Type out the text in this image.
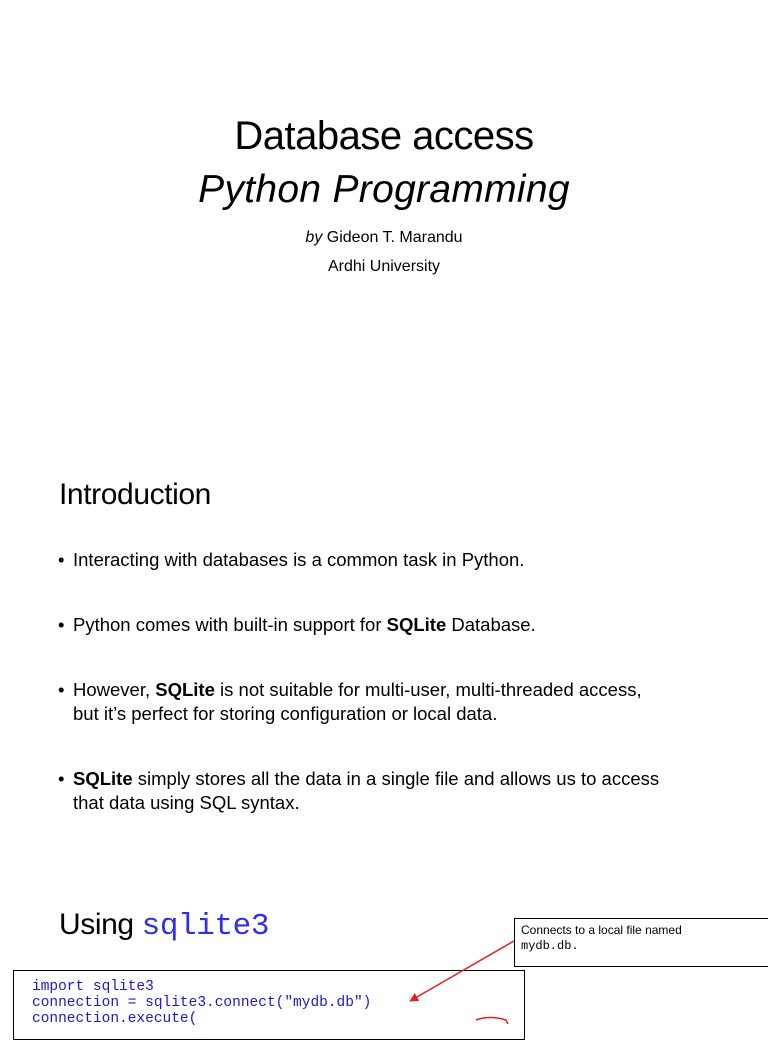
Database access
Python Programming
by Gideon T. Marandu
Ardhi University
Introduction
• Interacting with databases is a common task in Python.
• Python comes with built-in support for SQLite Database.
• However, SQLite is not suitable for multi-user, multi-threaded access,
but it’s perfect for storing configuration or local data.
• SQLite simply stores all the data in a single file and allows us to access
that data using SQL syntax.
Using sqlite3	Connects to a local file named
mydb.db.
import sqlite3
connection = sqlite3.connect("mydb.db")
connection.execute(
